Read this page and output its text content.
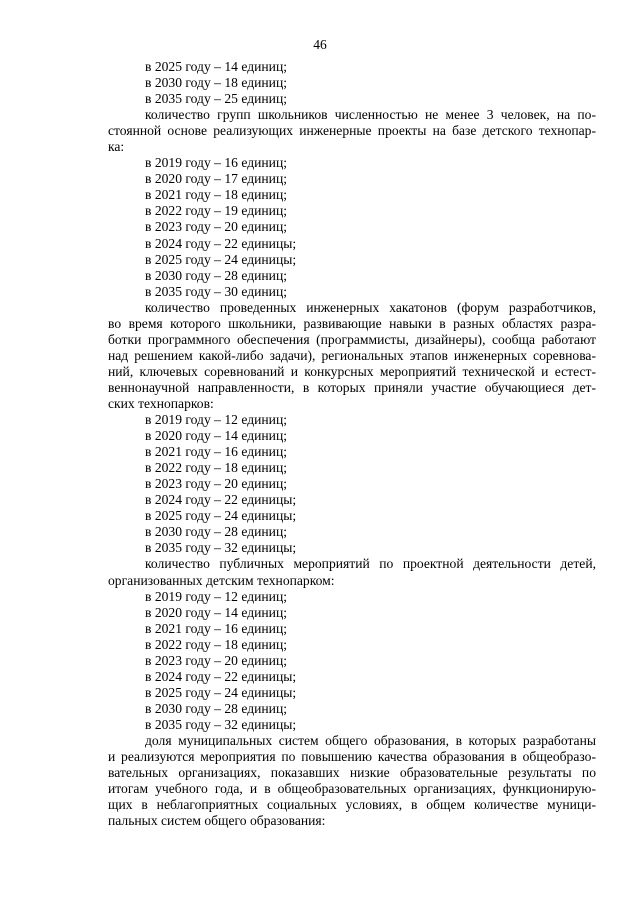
46
в 2025 году – 14 единиц;
в 2030 году – 18 единиц;
в 2035 году – 25 единиц;
количество групп школьников численностью не менее 3 человек, на по-
стоянной основе реализующих инженерные проекты на базе детского технопар-
ка:
в 2019 году – 16 единиц;
в 2020 году – 17 единиц;
в 2021 году – 18 единиц;
в 2022 году – 19 единиц;
в 2023 году – 20 единиц;
в 2024 году – 22 единицы;
в 2025 году – 24 единицы;
в 2030 году – 28 единиц;
в 2035 году – 30 единиц;
количество проведенных инженерных хакатонов (форум разработчиков,
во время которого школьники, развивающие навыки в разных областях разра-
ботки программного обеспечения (программисты, дизайнеры), сообща работают
над решением какой-либо задачи), региональных этапов инженерных соревнова-
ний, ключевых соревнований и конкурсных мероприятий технической и естест-
веннонаучной направленности, в которых приняли участие обучающиеся дет-
ских технопарков:
в 2019 году – 12 единиц;
в 2020 году – 14 единиц;
в 2021 году – 16 единиц;
в 2022 году – 18 единиц;
в 2023 году – 20 единиц;
в 2024 году – 22 единицы;
в 2025 году – 24 единицы;
в 2030 году – 28 единиц;
в 2035 году – 32 единицы;
количество публичных мероприятий по проектной деятельности детей,
организованных детским технопарком:
в 2019 году – 12 единиц;
в 2020 году – 14 единиц;
в 2021 году – 16 единиц;
в 2022 году – 18 единиц;
в 2023 году – 20 единиц;
в 2024 году – 22 единицы;
в 2025 году – 24 единицы;
в 2030 году – 28 единиц;
в 2035 году – 32 единицы;
доля муниципальных систем общего образования, в которых разработаны
и реализуются мероприятия по повышению качества образования в общеобразо-
вательных организациях, показавших низкие образовательные результаты по
итогам учебного года, и в общеобразовательных организациях, функционирую-
щих в неблагоприятных социальных условиях, в общем количестве муници-
пальных систем общего образования:
